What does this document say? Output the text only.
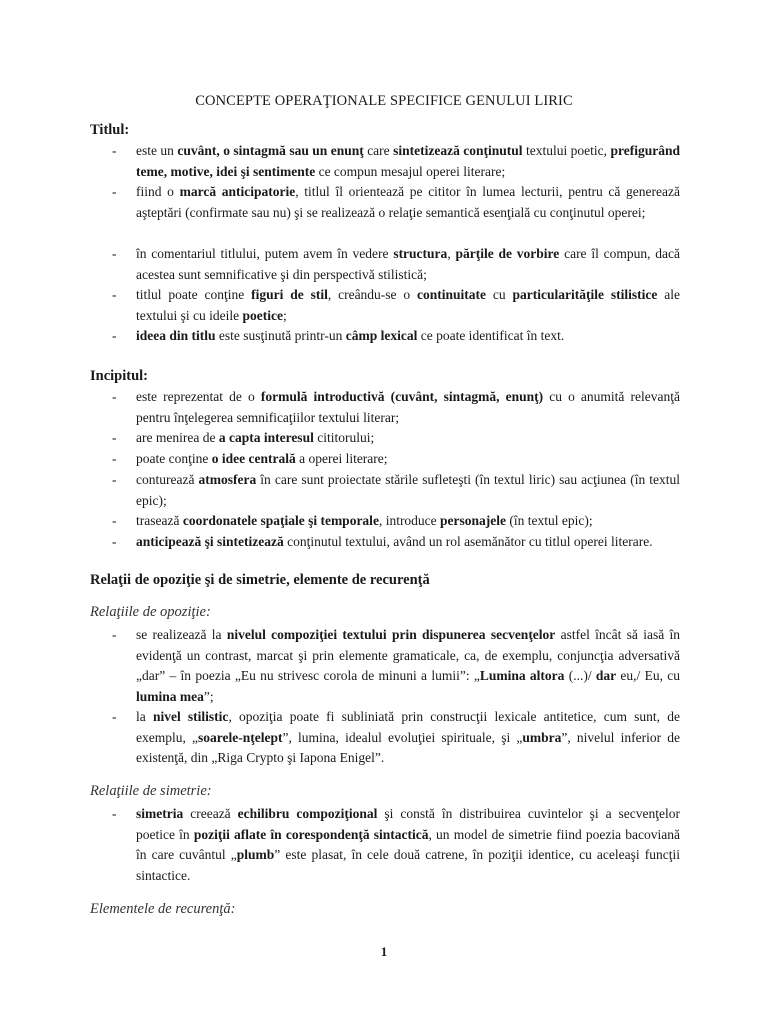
CONCEPTE OPERAŢIONALE SPECIFICE GENULUI LIRIC
Titlul:
- este un cuvânt, o sintagmă sau un enunţ care sintetizează conţinutul textului poetic, prefigurând teme, motive, idei şi sentimente ce compun mesajul operei literare;
- fiind o marcă anticipatorie, titlul îl orientează pe cititor în lumea lecturii, pentru că generează aşteptări (confirmate sau nu) şi se realizează o relaţie semantică esenţială cu conţinutul operei;
- în comentariul titlului, putem avem în vedere structura, părţile de vorbire care îl compun, dacă acestea sunt semnificative şi din perspectivă stilistică;
- titlul poate conţine figuri de stil, creându-se o continuitate cu particularităţile stilistice ale textului şi cu ideile poetice;
- ideea din titlu este susţinută printr-un câmp lexical ce poate identificat în text.
Incipitul:
- este reprezentat de o formulă introductivă (cuvânt, sintagmă, enunţ) cu o anumită relevanţă pentru înţelegerea semnificaţiilor textului literar;
- are menirea de a capta interesul cititorului;
- poate conţine o idee centrală a operei literare;
- conturează atmosfera în care sunt proiectate stările sufleteşti (în textul liric) sau acţiunea (în textul epic);
- trasează coordonatele spaţiale şi temporale, introduce personajele (în textul epic);
- anticipează şi sintetizează conţinutul textului, având un rol asemănător cu titlul operei literare.
Relaţii de opoziţie şi de simetrie, elemente de recurenţă
Relaţiile de opoziţie:
- se realizează la nivelul compoziţiei textului prin dispunerea secvenţelor astfel încât să iasă în evidenţă un contrast, marcat şi prin elemente gramaticale, ca, de exemplu, conjuncţia adversativă „dar” – în poezia „Eu nu strivesc corola de minuni a lumii”: „Lumina altora (...)/ dar eu,/ Eu, cu lumina mea”;
- la nivel stilistic, opoziţia poate fi subliniată prin construcţii lexicale antitetice, cum sunt, de exemplu, „soarele-nţelept”, lumina, idealul evoluţiei spirituale, şi „umbra”, nivelul inferior de existenţă, din „Riga Crypto şi Iapona Enigel”.
Relaţiile de simetrie:
- simetria creează echilibru compoziţional şi constă în distribuirea cuvintelor şi a secvenţelor poetice în poziţii aflate în corespondenţă sintactică, un model de simetrie fiind poezia bacoviană în care cuvântul „plumb” este plasat, în cele două catrene, în poziţii identice, cu aceleaşi funcţii sintactice.
Elementele de recurenţă:
1
